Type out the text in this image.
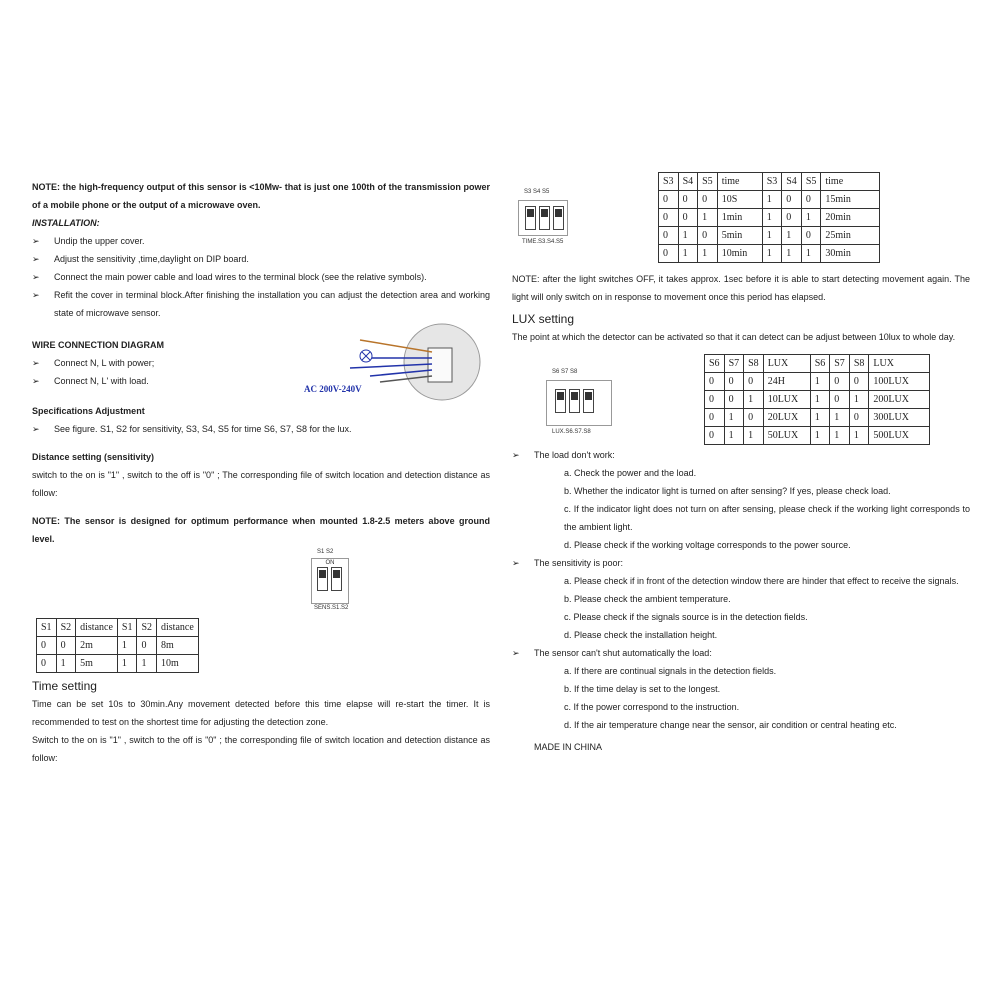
NOTE: the high-frequency output of this sensor is <10Mw- that is just one 100th of the transmission power of a mobile phone or the output of a microwave oven.

INSTALLATION:

➢ Undip the upper cover.

➢ Adjust the sensitivity ,time,daylight on DIP board.

➢ Connect the main power cable and load wires to the terminal block (see the relative symbols).

➢ Refit the cover in terminal block.After finishing the installation you can adjust the detection area and working state of microwave sensor.

WIRE CONNECTION DIAGRAM

➢ Connect N, L with power;

➢ Connect N, L' with load.

AC 200V-240V

Specifications Adjustment

➢ See figure. S1, S2 for sensitivity, S3, S4, S5 for time S6, S7, S8 for the lux.

Distance setting (sensitivity)

switch to the on is "1" , switch to the off is "0" ; The corresponding file of switch location and detection distance as follow:

NOTE: The sensor is designed for optimum performance when mounted 1.8-2.5 meters above ground level.

S1 S2
ON
SENS.S1.S2
S1	S2	distance	S1	S2	distance
0	0	2m	1	0	8m
0	1	5m	1	1	10m
Time setting

Time can be set 10s to 30min.Any movement detected before this time elapse will re-start the timer. It is recommended to test on the shortest time for adjusting the detection zone.

Switch to the on is "1" , switch to the off is "0" ; the corresponding file of switch location and detection distance as follow:

S3 S4 S5
TIME.S3.S4.S5
S3	S4	S5	time	S3	S4	S5	time
0	0	0	10S	1	0	0	15min
0	0	1	1min	1	0	1	20min
0	1	0	5min	1	1	0	25min
0	1	1	10min	1	1	1	30min

NOTE: after the light switches OFF, it takes approx. 1sec before it is able to start detecting movement again. The light will only switch on in response to movement once this period has elapsed.

LUX setting

The point at which the detector can be activated so that it can detect can be adjust between 10lux to whole day.

S6 S7 S8
LUX.S6.S7.S8
S6	S7	S8	LUX	S6	S7	S8	LUX
0	0	0	24H	1	0	0	100LUX
0	0	1	10LUX	1	0	1	200LUX
0	1	0	20LUX	1	1	0	300LUX
0	1	1	50LUX	1	1	1	500LUX

➢ The load don't work:

a. Check the power and the load.

b. Whether the indicator light is turned on after sensing? If yes, please check load.

c. If the indicator light does not turn on after sensing, please check if the working light corresponds to the ambient light.

d. Please check if the working voltage corresponds to the power source.

➢ The sensitivity is poor:

a. Please check if in front of the detection window there are hinder that effect to receive the signals.

b. Please check the ambient temperature.

c. Please check if the signals source is in the detection fields.

d. Please check the installation height.

➢ The sensor can't shut automatically the load:

a. If there are continual signals in the detection fields.

b. If the time delay is set to the longest.

c. If the power correspond to the instruction.

d. If the air temperature change near the sensor, air condition or central heating etc.

MADE IN CHINA
